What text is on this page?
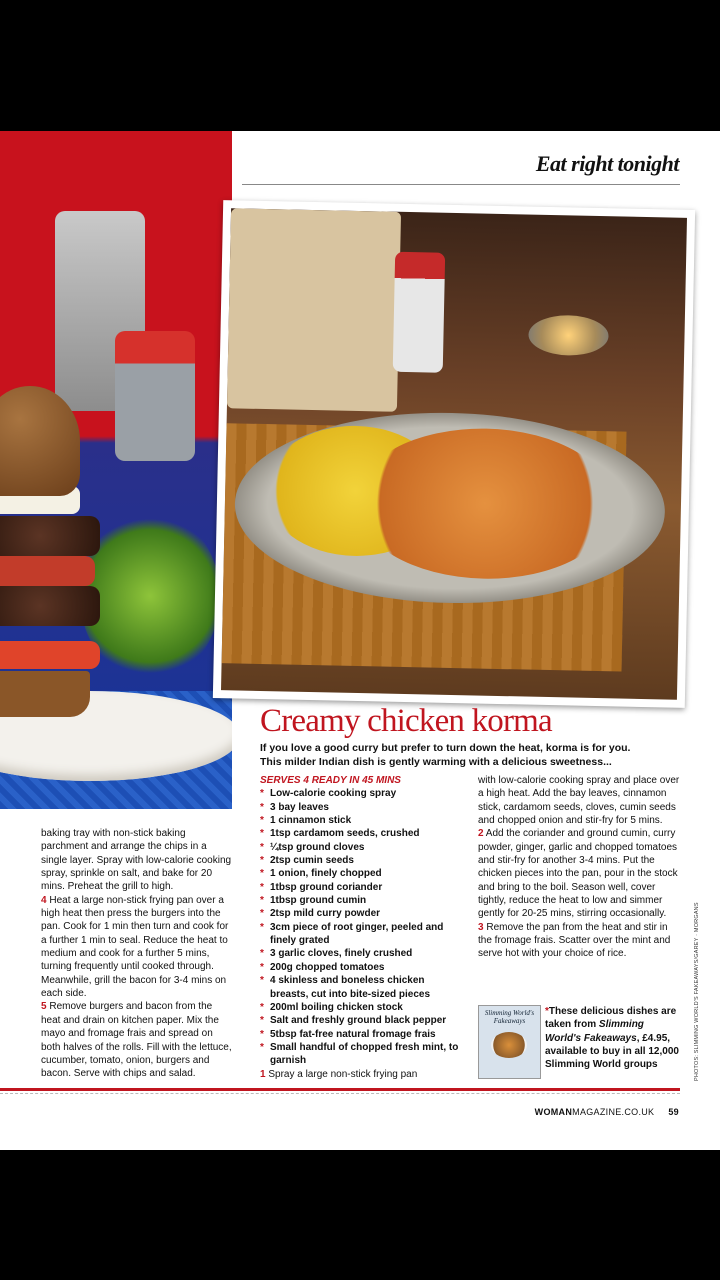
Eat right tonight
Creamy chicken korma
If you love a good curry but prefer to turn down the heat, korma is for you.
This milder Indian dish is gently warming with a delicious sweetness...

baking tray with non-stick baking parchment and arrange the chips in a single layer. Spray with low-calorie cooking spray, sprinkle on salt, and bake for 20 mins. Preheat the grill to high.

4 Heat a large non-stick frying pan over a high heat then press the burgers into the pan. Cook for 1 min then turn and cook for a further 1 min to seal. Reduce the heat to medium and cook for a further 5 mins, turning frequently until cooked through. Meanwhile, grill the bacon for 3-4 mins on each side.

5 Remove burgers and bacon from the heat and drain on kitchen paper. Mix the mayo and fromage frais and spread on both halves of the rolls. Fill with the lettuce, cucumber, tomato, onion, burgers and bacon. Serve with chips and salad.

SERVES 4 READY IN 45 MINS
* Low-calorie cooking spray
* 3 bay leaves
* 1 cinnamon stick
* 1tsp cardamom seeds, crushed
* ¼tsp ground cloves
* 2tsp cumin seeds
* 1 onion, finely chopped
* 1tbsp ground coriander
* 1tbsp ground cumin
* 2tsp mild curry powder
* 3cm piece of root ginger, peeled and finely grated
* 3 garlic cloves, finely crushed
* 200g chopped tomatoes
* 4 skinless and boneless chicken breasts, cut into bite-sized pieces
* 200ml boiling chicken stock
* Salt and freshly ground black pepper
* 5tbsp fat-free natural fromage frais
* Small handful of chopped fresh mint, to garnish

1 Spray a large non-stick frying pan

with low-calorie cooking spray and place over a high heat. Add the bay leaves, cinnamon stick, cardamom seeds, cloves, cumin seeds and chopped onion and stir-fry for 5 mins.

2 Add the coriander and ground cumin, curry powder, ginger, garlic and chopped tomatoes and stir-fry for another 3-4 mins. Put the chicken pieces into the pan, pour in the stock and bring to the boil. Season well, cover tightly, reduce the heat to low and simmer gently for 20-25 mins, stirring occasionally.

3 Remove the pan from the heat and stir in the fromage frais. Scatter over the mint and serve hot with your choice of rice.

Slimming World's Fakeaways
*These delicious dishes are taken from Slimming World's Fakeaways, £4.95, available to buy in all 12,000 Slimming World groups	PHOTOS: SLIMMING WORLD'S FAKEAWAYS/GAREY · MORGANS
WOMANMAGAZINE.CO.UK 59
